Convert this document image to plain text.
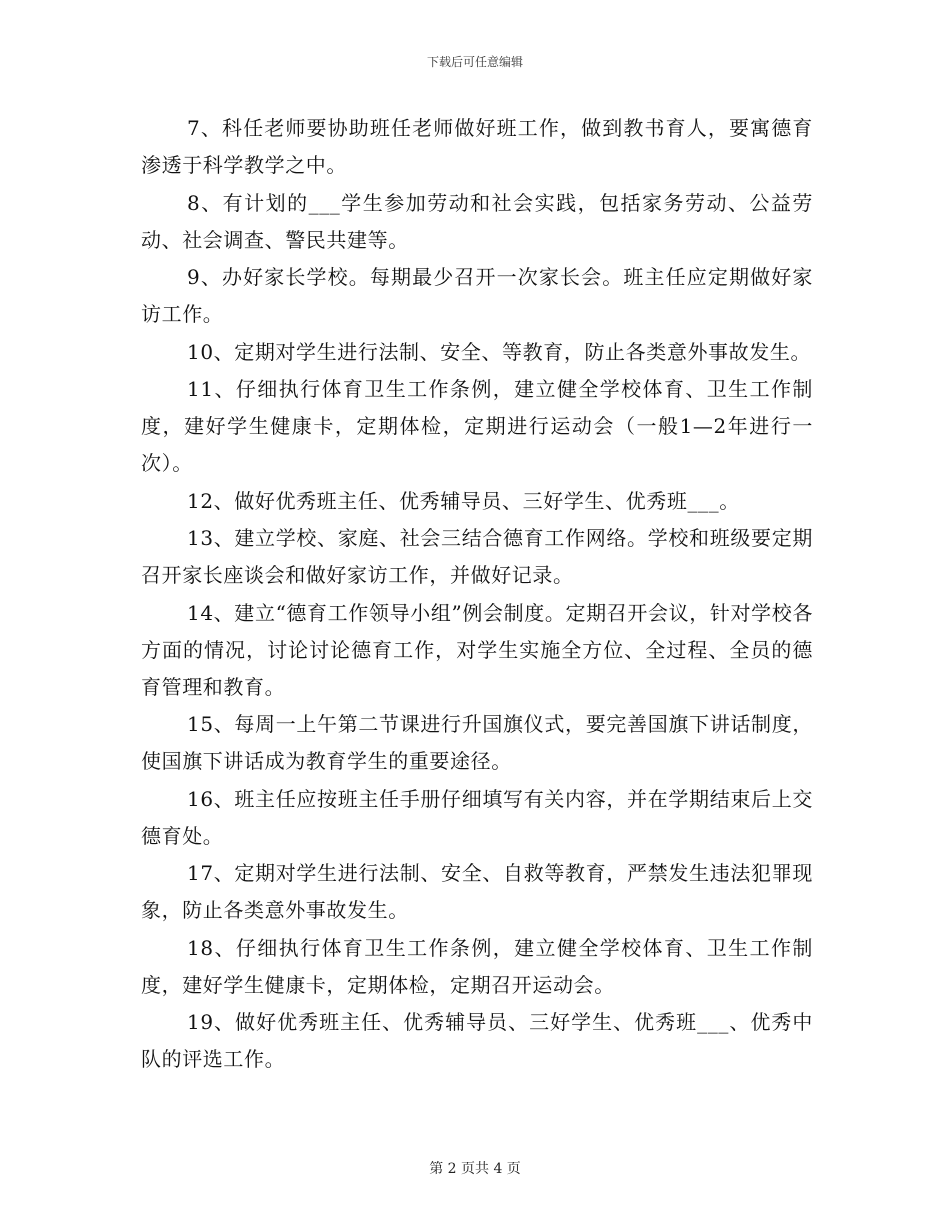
下载后可任意编辑

7、科任老师要协助班任老师做好班工作，做到教书育人，要寓德育渗透于科学教学之中。

8、有计划的___学生参加劳动和社会实践，包括家务劳动、公益劳动、社会调查、警民共建等。

9、办好家长学校。每期最少召开一次家长会。班主任应定期做好家访工作。

10、定期对学生进行法制、安全、等教育，防止各类意外事故发生。

11、仔细执行体育卫生工作条例，建立健全学校体育、卫生工作制度，建好学生健康卡，定期体检，定期进行运动会（一般1—2年进行一次）。

12、做好优秀班主任、优秀辅导员、三好学生、优秀班___。

13、建立学校、家庭、社会三结合德育工作网络。学校和班级要定期召开家长座谈会和做好家访工作，并做好记录。

14、建立“德育工作领导小组”例会制度。定期召开会议，针对学校各方面的情况，讨论讨论德育工作，对学生实施全方位、全过程、全员的德育管理和教育。

15、每周一上午第二节课进行升国旗仪式，要完善国旗下讲话制度，使国旗下讲话成为教育学生的重要途径。

16、班主任应按班主任手册仔细填写有关内容，并在学期结束后上交德育处。

17、定期对学生进行法制、安全、自救等教育，严禁发生违法犯罪现象，防止各类意外事故发生。

18、仔细执行体育卫生工作条例，建立健全学校体育、卫生工作制度，建好学生健康卡，定期体检，定期召开运动会。

19、做好优秀班主任、优秀辅导员、三好学生、优秀班___、优秀中队的评选工作。

第 2 页共 4 页
